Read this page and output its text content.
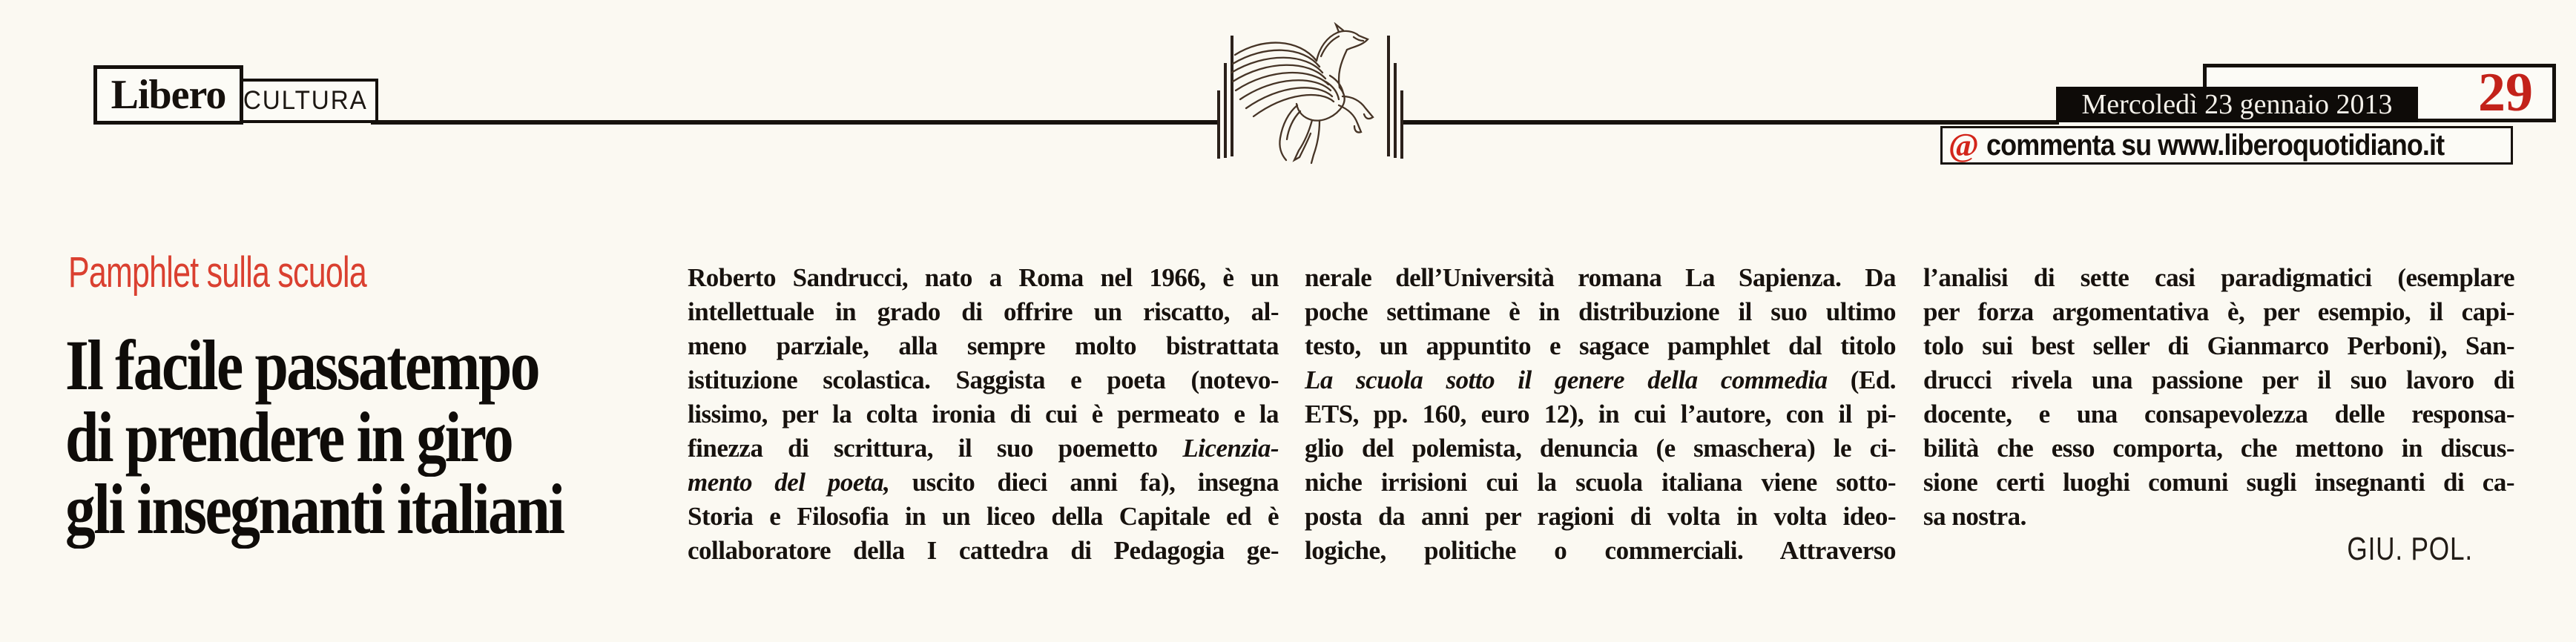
Libero CULTURA	29
Mercoledì 23 gennaio 2013
@ commenta su www.liberoquotidiano.it
Pamphlet sulla scuola
Il facile passatempo
di prendere in giro
gli insegnanti italiani
Roberto Sandrucci, nato a Roma nel 1966, è un
intellettuale in grado di offrire un riscatto, al-
meno parziale, alla sempre molto bistrattata
istituzione scolastica. Saggista e poeta (notevo-
lissimo, per la colta ironia di cui è permeato e la
finezza di scrittura, il suo poemetto Licenzia-
mento del poeta, uscito dieci anni fa), insegna
Storia e Filosofia in un liceo della Capitale ed è
collaboratore della I cattedra di Pedagogia ge-
nerale dell’Università romana La Sapienza. Da
poche settimane è in distribuzione il suo ultimo
testo, un appuntito e sagace pamphlet dal titolo
La scuola sotto il genere della commedia (Ed.
ETS, pp. 160, euro 12), in cui l’autore, con il pi-
glio del polemista, denuncia (e smaschera) le ci-
niche irrisioni cui la scuola italiana viene sotto-
posta da anni per ragioni di volta in volta ideo-
logiche, politiche o commerciali. Attraverso
l’analisi di sette casi paradigmatici (esemplare
per forza argomentativa è, per esempio, il capi-
tolo sui best seller di Gianmarco Perboni), San-
drucci rivela una passione per il suo lavoro di
docente, e una consapevolezza delle responsa-
bilità che esso comporta, che mettono in discus-
sione certi luoghi comuni sugli insegnanti di ca-
sa nostra.
GIU. POL.
